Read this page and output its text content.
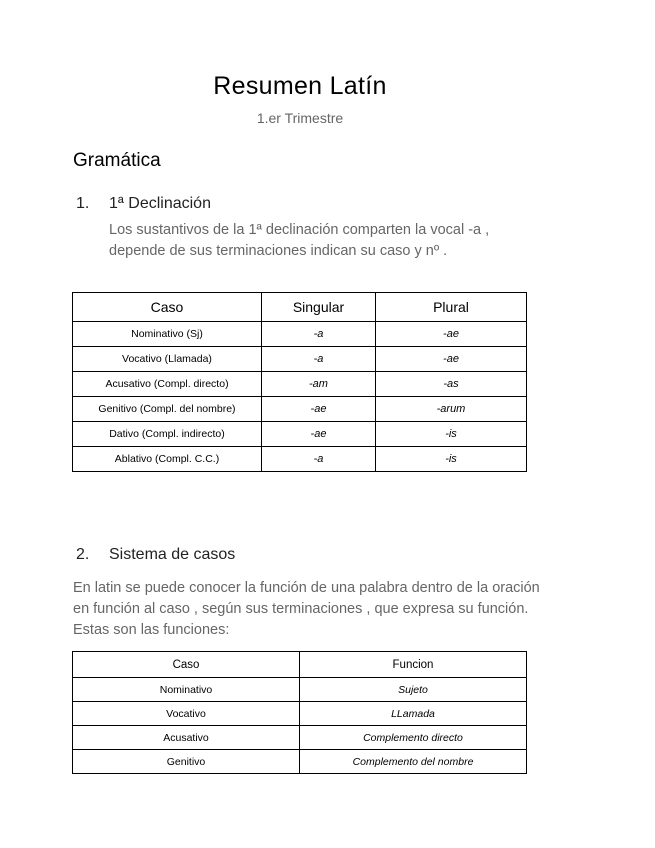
Resumen Latín
1.er Trimestre
Gramática
1. 1ª Declinación
Los sustantivos de la 1ª declinación comparten la vocal -a ,
depende de sus terminaciones indican su caso y nº .
Caso	Singular	Plural
Nominativo (Sj)	-a	-ae
Vocativo (Llamada)	-a	-ae
Acusativo (Compl. directo)	-am	-as
Genitivo (Compl. del nombre)	-ae	-arum
Dativo (Compl. indirecto)	-ae	-is
Ablativo (Compl. C.C.)	-a	-is
2. Sistema de casos
En latin se puede conocer la función de una palabra dentro de la oración
en función al caso , según sus terminaciones , que expresa su función.
Estas son las funciones:
Caso	Funcion
Nominativo	Sujeto
Vocativo	LLamada
Acusativo	Complemento directo
Genitivo	Complemento del nombre
